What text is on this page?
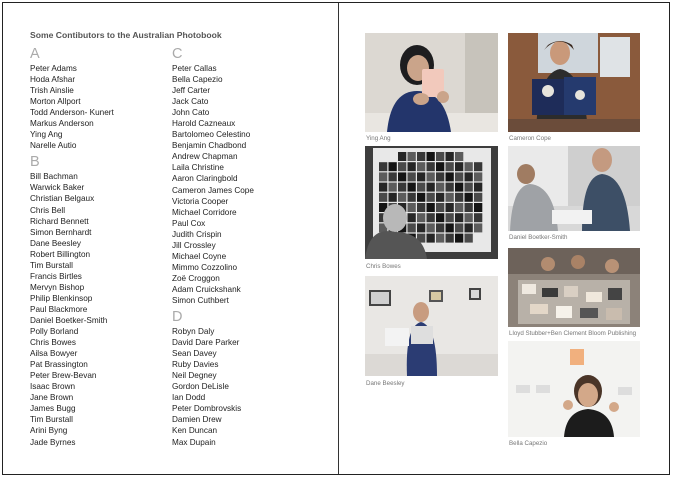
Some Contibutors to the Australian Photobook
A
Peter Adams
Hoda Afshar
Trish Ainslie
Morton Allport
Todd Anderson- Kunert
Markus Anderson
Ying Ang
Narelle Autio
B
Bill Bachman
Warwick Baker
Christian Belgaux
Chris Bell
Richard Bennett
Simon Bernhardt
Dane Beesley
Robert Billington
Tim Burstall
Francis Birtles
Mervyn Bishop
Philip Blenkinsop
Paul Blackmore
Daniel Boetker-Smith
Polly Borland
Chris Bowes
Ailsa Bowyer
Pat Brassington
Peter Brew-Bevan
Isaac Brown
Jane Brown
James Bugg
Tim Burstall
Arini Byng
Jade Byrnes
C
Peter Callas
Bella Capezio
Jeff Carter
Jack Cato
John Cato
Harold Cazneaux
Bartolomeo Celestino
Benjamin Chadbond
Andrew Chapman
Laila Christine
Aaron Claringbold
Cameron James Cope
Victoria Cooper
Michael Corridore
Paul Cox
Judith Crispin
Jill Crossley
Michael Coyne
Mimmo Cozzolino
Zoë Croggon
Adam Cruickshank
Simon Cuthbert
D
Robyn Daly
David Dare Parker
Sean Davey
Ruby Davies
Neil Degney
Gordon DeLisle
Ian Dodd
Peter Dombrovskis
Damien Drew
Ken Duncan
Max Dupain
Ying Ang	Cameron Cope
Chris Bowes
Daniel Boetker-Smith
Lloyd Stubber+Ben Clement Bloom Publishing
Dane Beesley
Bella Capezio
